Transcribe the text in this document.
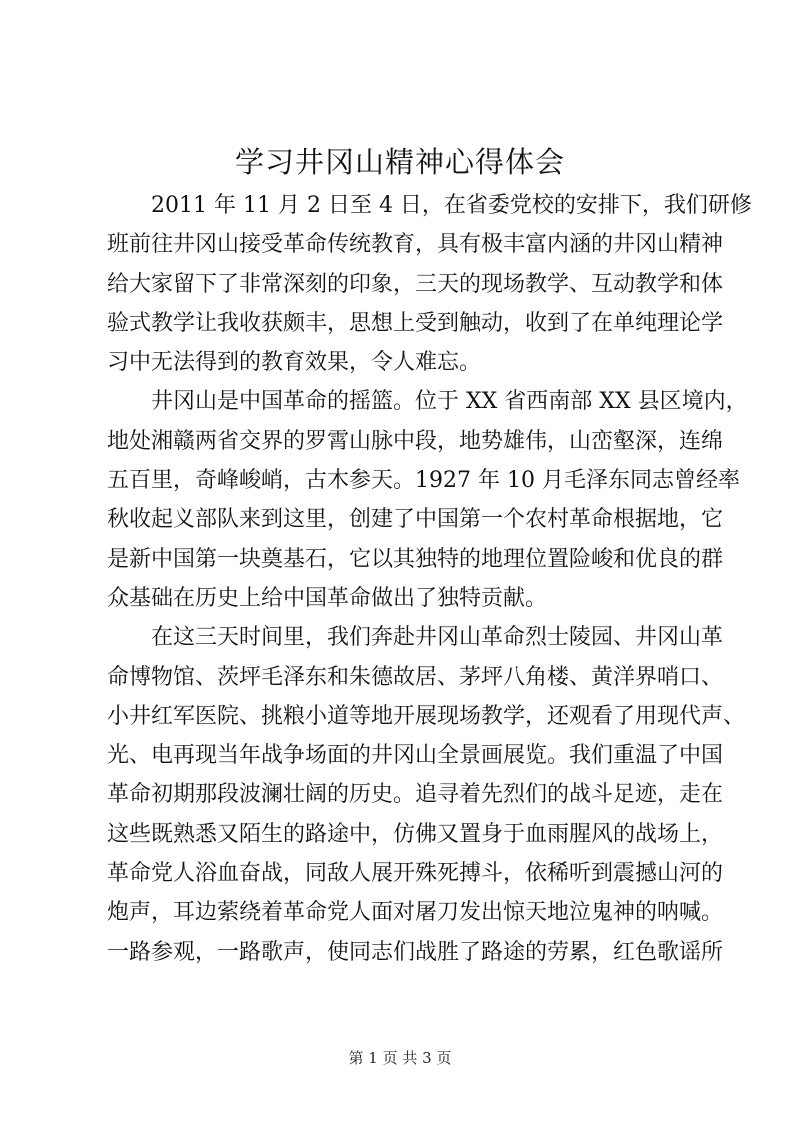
学习井冈山精神心得体会
2011 年 11 月 2 日至 4 日，在省委党校的安排下，我们研修
班前往井冈山接受革命传统教育，具有极丰富内涵的井冈山精神
给大家留下了非常深刻的印象，三天的现场教学、互动教学和体
验式教学让我收获颇丰，思想上受到触动，收到了在单纯理论学
习中无法得到的教育效果，令人难忘。
井冈山是中国革命的摇篮。位于 XX 省西南部 XX 县区境内，
地处湘赣两省交界的罗霄山脉中段，地势雄伟，山峦壑深，连绵
五百里，奇峰峻峭，古木参天。1927 年 10 月毛泽东同志曾经率
秋收起义部队来到这里，创建了中国第一个农村革命根据地，它
是新中国第一块奠基石，它以其独特的地理位置险峻和优良的群
众基础在历史上给中国革命做出了独特贡献。
在这三天时间里，我们奔赴井冈山革命烈士陵园、井冈山革
命博物馆、茨坪毛泽东和朱德故居、茅坪八角楼、黄洋界哨口、
小井红军医院、挑粮小道等地开展现场教学，还观看了用现代声、
光、电再现当年战争场面的井冈山全景画展览。我们重温了中国
革命初期那段波澜壮阔的历史。追寻着先烈们的战斗足迹，走在
这些既熟悉又陌生的路途中，仿佛又置身于血雨腥风的战场上，
革命党人浴血奋战，同敌人展开殊死搏斗，依稀听到震撼山河的
炮声，耳边萦绕着革命党人面对屠刀发出惊天地泣鬼神的呐喊。
一路参观，一路歌声，使同志们战胜了路途的劳累，红色歌谣所
第 1 页 共 3 页
